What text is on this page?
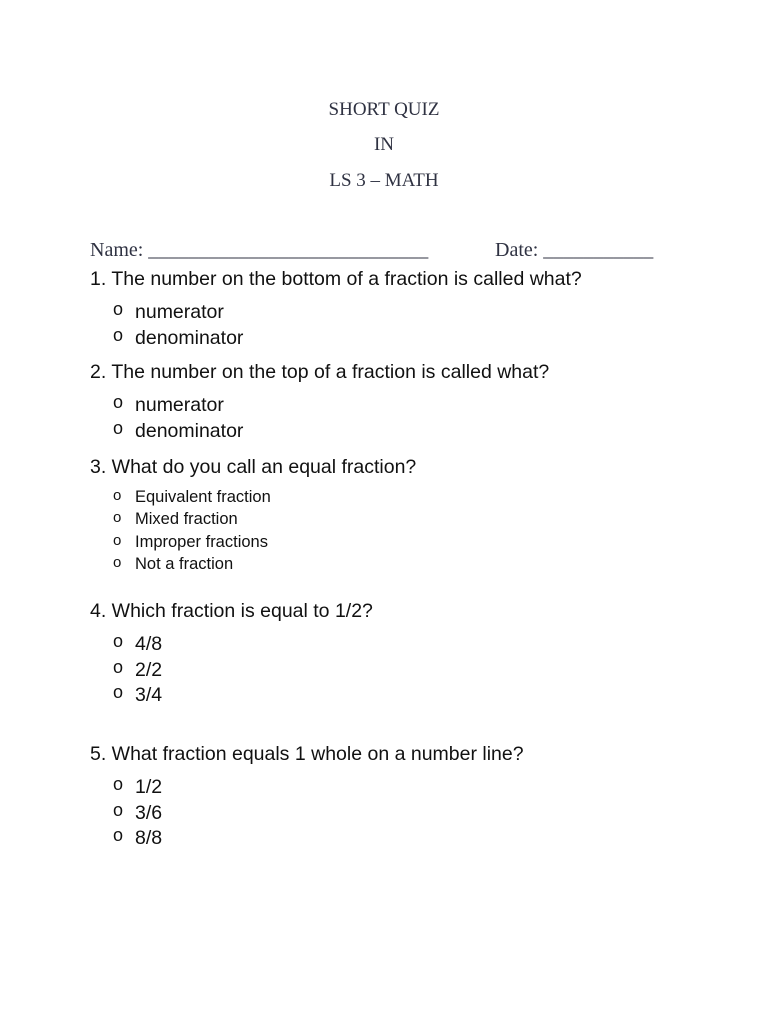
SHORT QUIZ
IN
LS 3 – MATH
Name: ____________________________	Date: ___________
1. The number on the bottom of a fraction is called what?
o numerator
o denominator
2. The number on the top of a fraction is called what?
o numerator
o denominator
3. What do you call an equal fraction?
o Equivalent fraction
o Mixed fraction
o Improper fractions
o Not a fraction
4. Which fraction is equal to 1/2?
o 4/8
o 2/2
o 3/4
5. What fraction equals 1 whole on a number line?
o 1/2
o 3/6
o 8/8
